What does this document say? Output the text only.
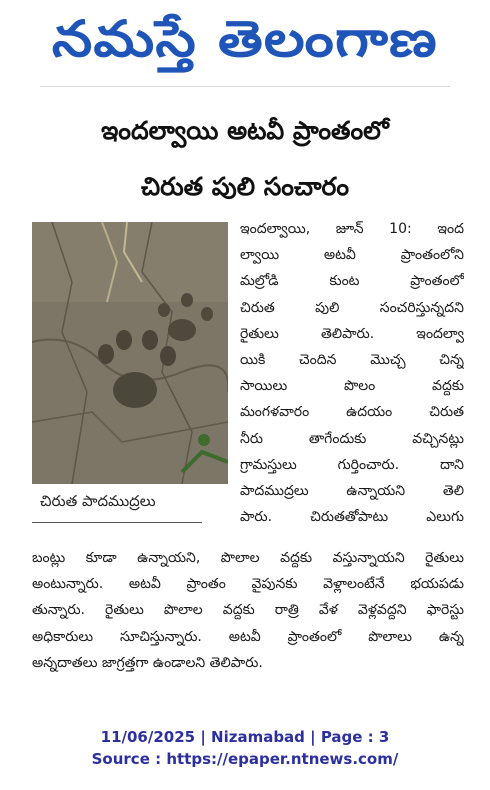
నమస్తే తెలంగాణ
ఇందల్వాయి అటవీ ప్రాంతంలో
చిరుత పులి సంచారం
చిరుత పాదముద్రలు

ఇందల్వాయి, జూన్ 10: ఇంద

ల్వాయి అటవీ ప్రాంతంలోని

మల్రోడి కుంట ప్రాంతంలో

చిరుత పులి సంచరిస్తున్నదని

రైతులు తెలిపారు. ఇందల్వా

యికి చెందిన మొచ్చ చిన్న

సాయిలు పొలం వద్దకు

మంగళవారం ఉదయం చిరుత

నీరు తాగేందుకు వచ్చినట్లు

గ్రామస్తులు గుర్తించారు. దాని

పాదముద్రలు ఉన్నాయని తెలి

పారు. చిరుతతోపాటు ఎలుగు

బంట్లు కూడా ఉన్నాయని, పొలాల వద్దకు వస్తున్నాయని రైతులు

అంటున్నారు. అటవీ ప్రాంతం వైపునకు వెళ్లాలంటేనే భయపడు

తున్నారు. రైతులు పొలాల వద్దకు రాత్రి వేళ వెళ్లవద్దని ఫారెస్టు

అధికారులు సూచిస్తున్నారు. అటవీ ప్రాంతంలో పొలాలు ఉన్న

అన్నదాతలు జాగ్రత్తగా ఉండాలని తెలిపారు.

11/06/2025 | Nizamabad | Page : 3
Source : https://epaper.ntnews.com/
